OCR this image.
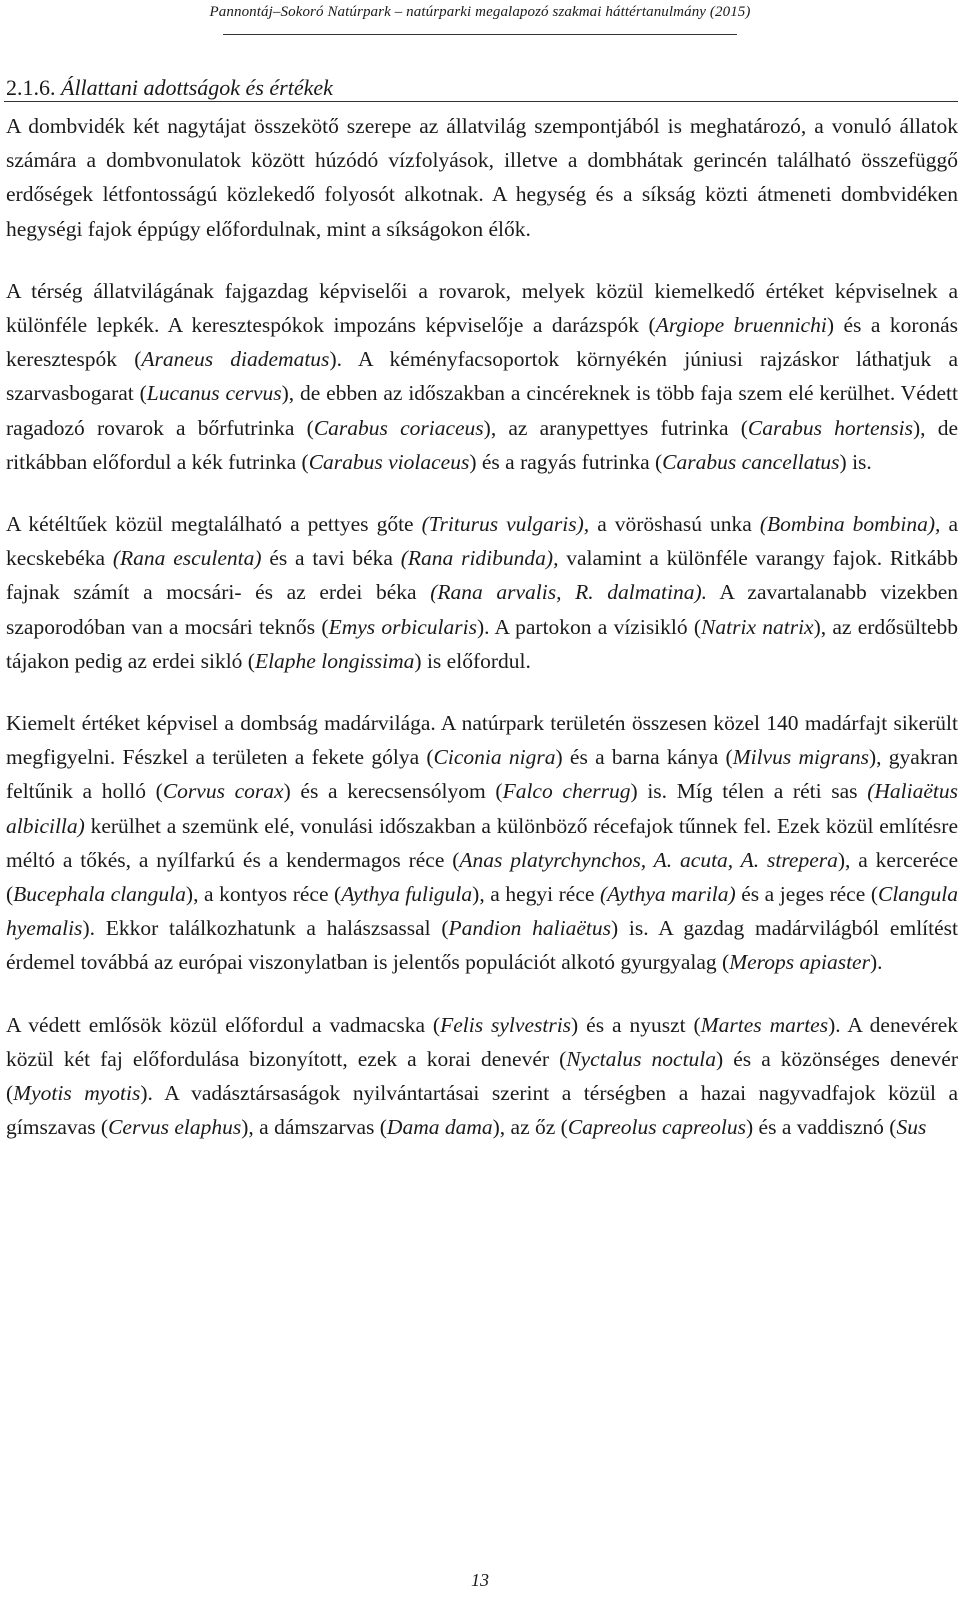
Pannontáj–Sokoró Natúrpark – natúrparki megalapozó szakmai háttértanulmány (2015)
2.1.6. Állattani adottságok és értékek

A dombvidék két nagytájat összekötő szerepe az állatvilág szempontjából is meghatározó, a vonuló állatok számára a dombvonulatok között húzódó vízfolyások, illetve a dombhátak gerincén található összefüggő erdőségek létfontosságú közlekedő folyosót alkotnak. A hegység és a síkság közti átmeneti dombvidéken hegységi fajok éppúgy előfordulnak, mint a síkságokon élők.

A térség állatvilágának fajgazdag képviselői a rovarok, melyek közül kiemelkedő értéket képviselnek a különféle lepkék. A keresztespókok impozáns képviselője a darázspók (Argiope bruennichi) és a koronás keresztespók (Araneus diadematus). A kéményfacsoportok környékén júniusi rajzáskor láthatjuk a szarvasbogarat (Lucanus cervus), de ebben az időszakban a cincéreknek is több faja szem elé kerülhet. Védett ragadozó rovarok a bőrfutrinka (Carabus coriaceus), az aranypettyes futrinka (Carabus hortensis), de ritkábban előfordul a kék futrinka (Carabus violaceus) és a ragyás futrinka (Carabus cancellatus) is.

A kétéltűek közül megtalálható a pettyes gőte (Triturus vulgaris), a vöröshasú unka (Bombina bombina), a kecskebéka (Rana esculenta) és a tavi béka (Rana ridibunda), valamint a különféle varangy fajok. Ritkább fajnak számít a mocsári- és az erdei béka (Rana arvalis, R. dalmatina). A zavartalanabb vizekben szaporodóban van a mocsári teknős (Emys orbicularis). A partokon a vízisikló (Natrix natrix), az erdősültebb tájakon pedig az erdei sikló (Elaphe longissima) is előfordul.

Kiemelt értéket képvisel a dombság madárvilága. A natúrpark területén összesen közel 140 madárfajt sikerült megfigyelni. Fészkel a területen a fekete gólya (Ciconia nigra) és a barna kánya (Milvus migrans), gyakran feltűnik a holló (Corvus corax) és a kerecsensólyom (Falco cherrug) is. Míg télen a réti sas (Haliaëtus albicilla) kerülhet a szemünk elé, vonulási időszakban a különböző récefajok tűnnek fel. Ezek közül említésre méltó a tőkés, a nyílfarkú és a kendermagos réce (Anas platyrchynchos, A. acuta, A. strepera), a kercerécе (Bucephala clangula), a kontyos réce (Aythya fuligula), a hegyi réce (Aythya marila) és a jeges réce (Clangula hyemalis). Ekkor találkozhatunk a halászsassal (Pandion haliaëtus) is. A gazdag madárvilágból említést érdemel továbbá az európai viszonylatban is jelentős populációt alkotó gyurgyalag (Merops apiaster).

A védett emlősök közül előfordul a vadmacska (Felis sylvestris) és a nyuszt (Martes martes). A denevérek közül két faj előfordulása bizonyított, ezek a korai denevér (Nyctalus noctula) és a közönséges denevér (Myotis myotis). A vadásztársaságok nyilvántartásai szerint a térségben a hazai nagyvadfajok közül a gímszavas (Cervus elaphus), a dámszarvas (Dama dama), az őz (Capreolus capreolus) és a vaddisznó (Sus

13
